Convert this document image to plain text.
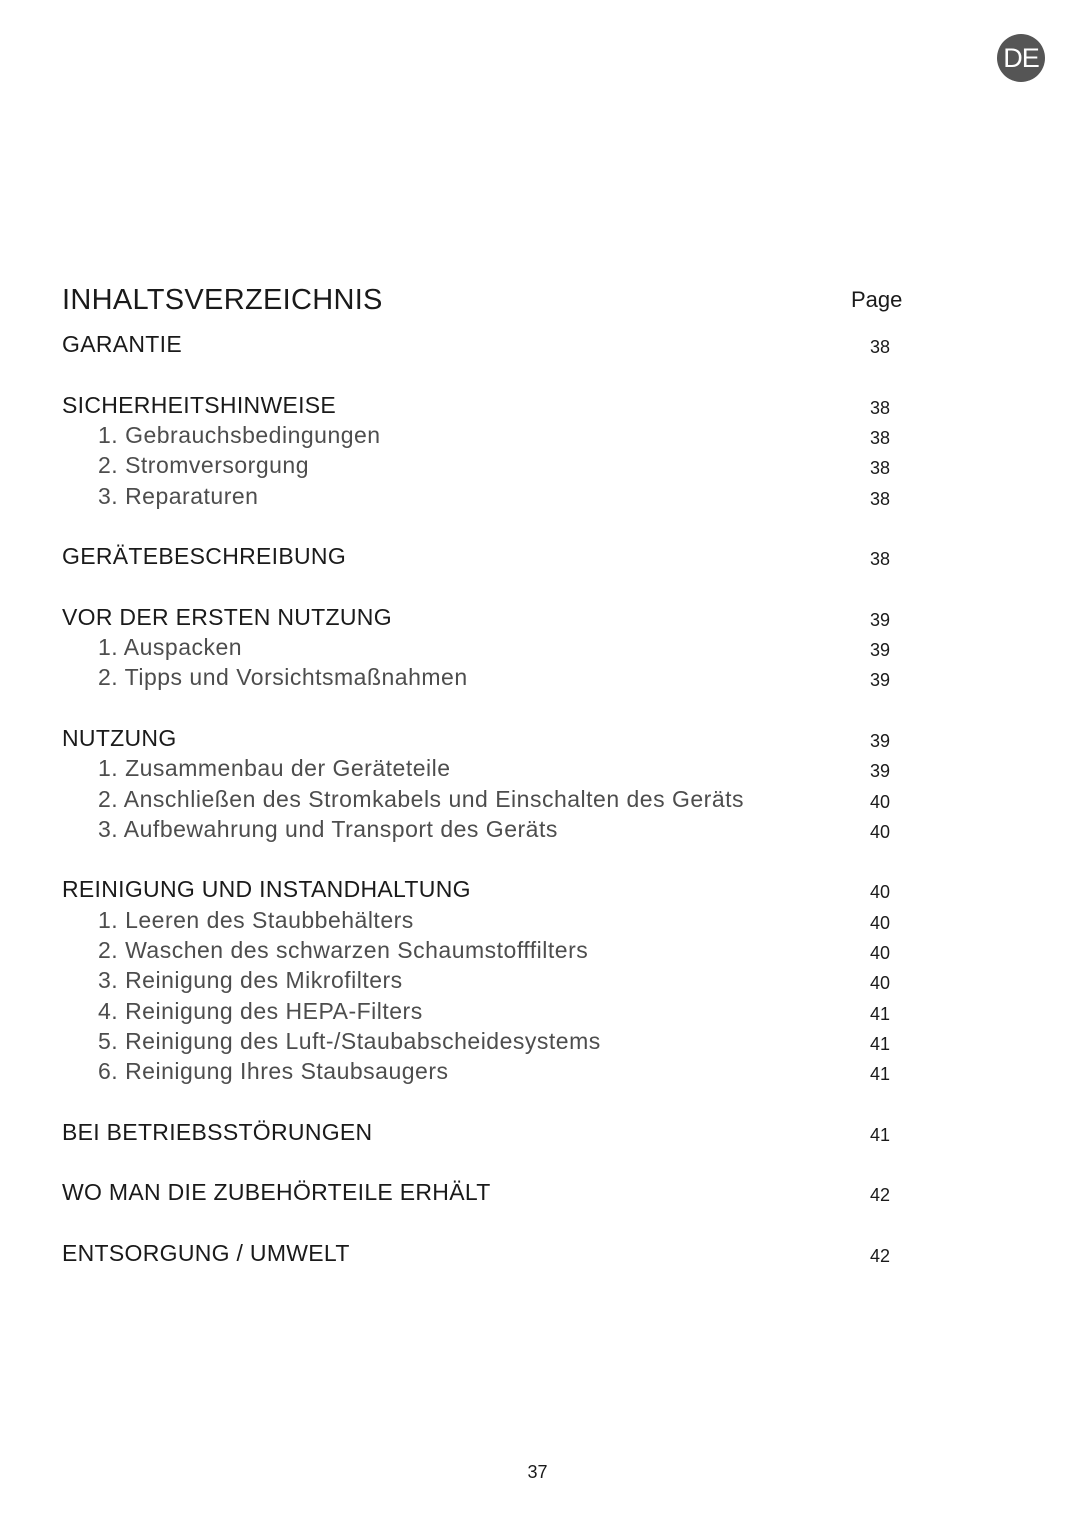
DE
INHALTSVERZEICHNIS	Page
GARANTIE	38
SICHERHEITSHINWEISE	38
1. Gebrauchsbedingungen	38
2. Stromversorgung	38
3. Reparaturen	38
GERÄTEBESCHREIBUNG	38
VOR DER ERSTEN NUTZUNG	39
1. Auspacken	39
2. Tipps und Vorsichtsmaßnahmen	39
NUTZUNG	39
1. Zusammenbau der Geräteteile	39
2. Anschließen des Stromkabels und Einschalten des Geräts	40
3. Aufbewahrung und Transport des Geräts	40
REINIGUNG UND INSTANDHALTUNG	40
1. Leeren des Staubbehälters	40
2. Waschen des schwarzen Schaumstofffilters	40
3. Reinigung des Mikrofilters	40
4. Reinigung des HEPA-Filters	41
5. Reinigung des Luft-/Staubabscheidesystems	41
6. Reinigung Ihres Staubsaugers	41
BEI BETRIEBSSTÖRUNGEN	41
WO MAN DIE ZUBEHÖRTEILE ERHÄLT	42
ENTSORGUNG / UMWELT	42
37
